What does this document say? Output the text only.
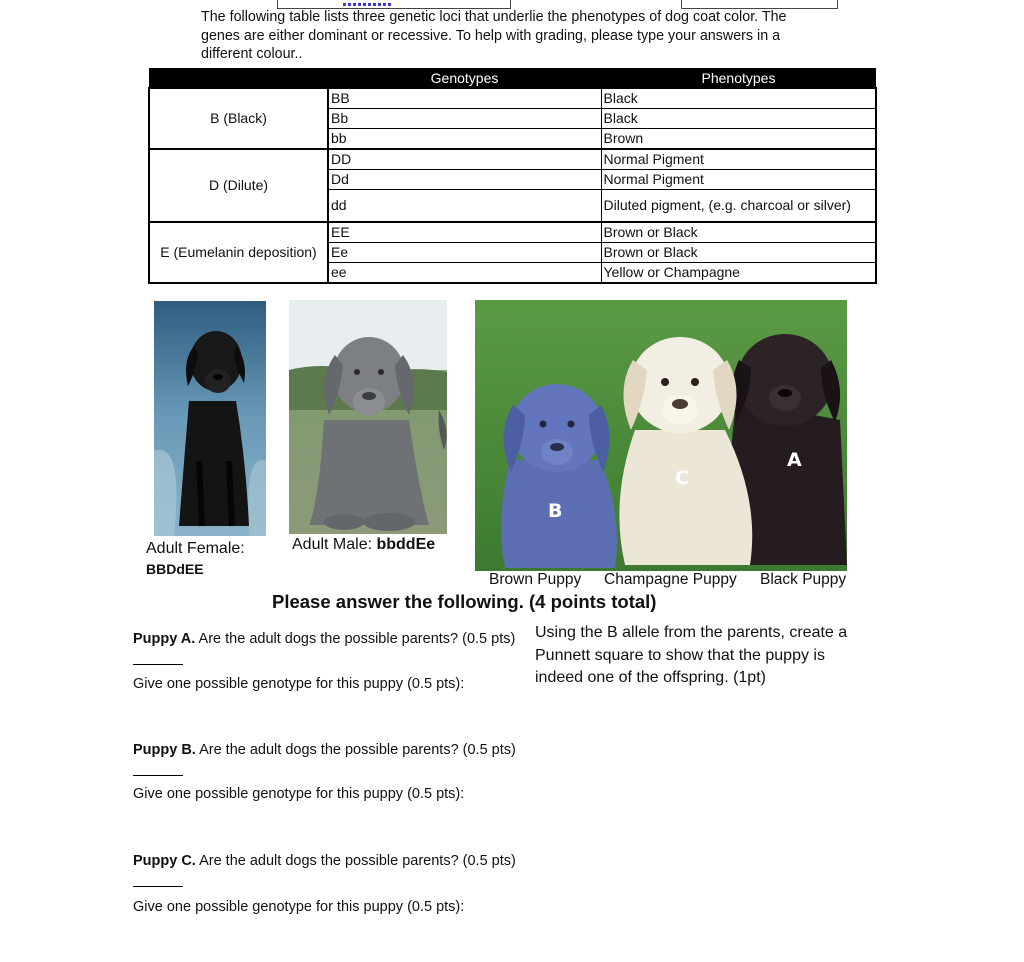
The following table lists three genetic loci that underlie the phenotypes of dog coat color. The genes are either dominant or recessive. To help with grading, please type your answers in a different colour..
	Genotypes	Phenotypes
B (Black)	BB	Black
	Bb	Black
	bb	Brown
D (Dilute)	DD	Normal Pigment
	Dd	Normal Pigment
	dd	Diluted pigment, (e.g. charcoal or silver)
E (Eumelanin deposition)	EE	Brown or Black
	Ee	Brown or Black
	ee	Yellow or Champagne
A
C
B
Adult Female:
BBDdEE
Adult Male: bbddEe
Brown Puppy Champagne Puppy Black Puppy
Please answer the following. (4 points total)
Puppy A. Are the adult dogs the possible parents? (0.5 pts)
Give one possible genotype for this puppy (0.5 pts):
Puppy B. Are the adult dogs the possible parents? (0.5 pts)
Give one possible genotype for this puppy (0.5 pts):
Puppy C. Are the adult dogs the possible parents? (0.5 pts)
Give one possible genotype for this puppy (0.5 pts):
Using the B allele from the parents, create a Punnett square to show that the puppy is indeed one of the offspring. (1pt)
